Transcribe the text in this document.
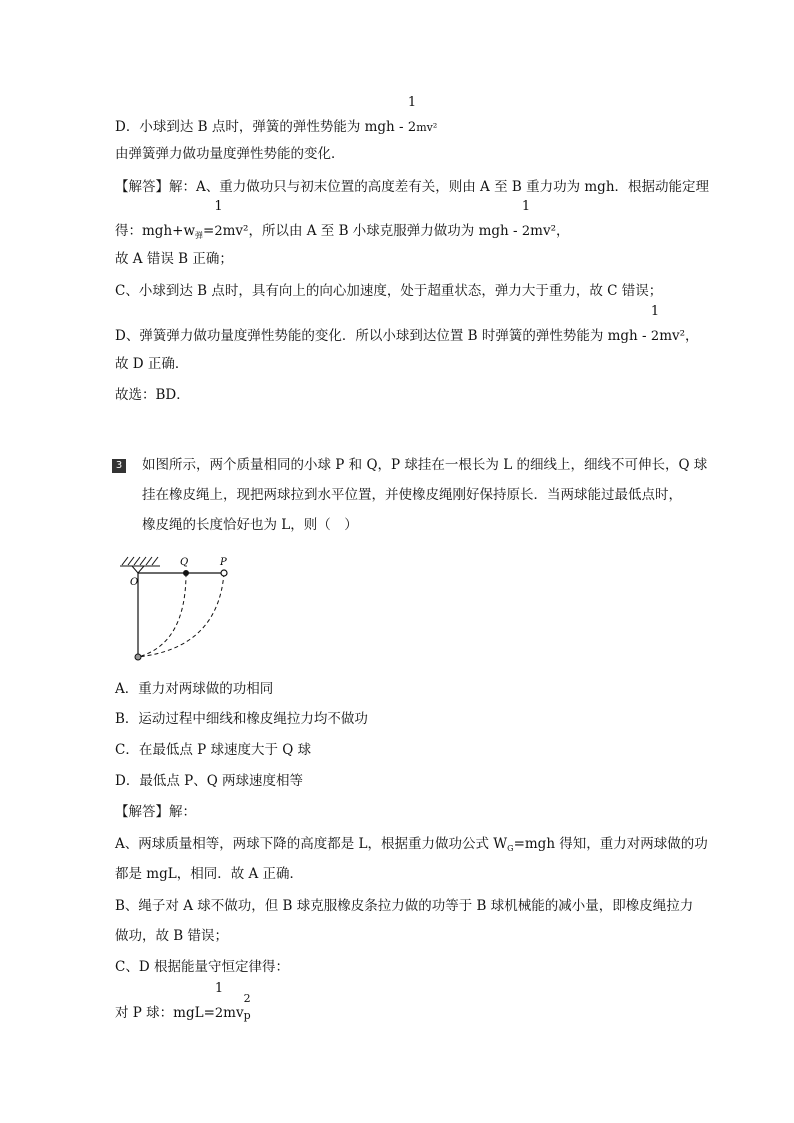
D．小球到达 B 点时，弹簧的弹性势能为 mgh -
1
2mv²
由弹簧弹力做功量度弹性势能的变化．
【解答】解：A、重力做功只与初末位置的高度差有关，则由 A 至 B 重力功为 mgh．根据动能定理
得：$mgh+w_弹=$
1
2mv²，所以由 A 至 B 小球克服弹力做功为 mgh -
1
2mv²，
故 A 错误 B 正确；
C、小球到达 B 点时，具有向上的向心加速度，处于超重状态，弹力大于重力，故 C 错误；
D、弹簧弹力做功量度弹性势能的变化．所以小球到达位置 B 时弹簧的弹性势能为 mgh -
1
2mv²，
故 D 正确．
故选：BD．
3 如图所示，两个质量相同的小球 P 和 Q，P 球挂在一根长为 L 的细线上，细线不可伸长，Q 球
挂在橡皮绳上，现把两球拉到水平位置，并使橡皮绳刚好保持原长．当两球能过最低点时，
橡皮绳的长度恰好也为 L，则（　）
O
Q	P
A．重力对两球做的功相同
B．运动过程中细线和橡皮绳拉力均不做功
C．在最低点 P 球速度大于 Q 球
D．最低点 P、Q 两球速度相等
【解答】解：
A、两球质量相等，两球下降的高度都是 L，根据重力做功公式 $W_G=mgh$ 得知，重力对两球做的功
都是 mgL，相同．故 A 正确．
B、绳子对 A 球不做功，但 B 球克服橡皮条拉力做的功等于 B 球机械能的减小量，即橡皮绳拉力
做功，故 B 错误；
C、D 根据能量守恒定律得：
对 P 球：mgL=
1
2mv
2
p
